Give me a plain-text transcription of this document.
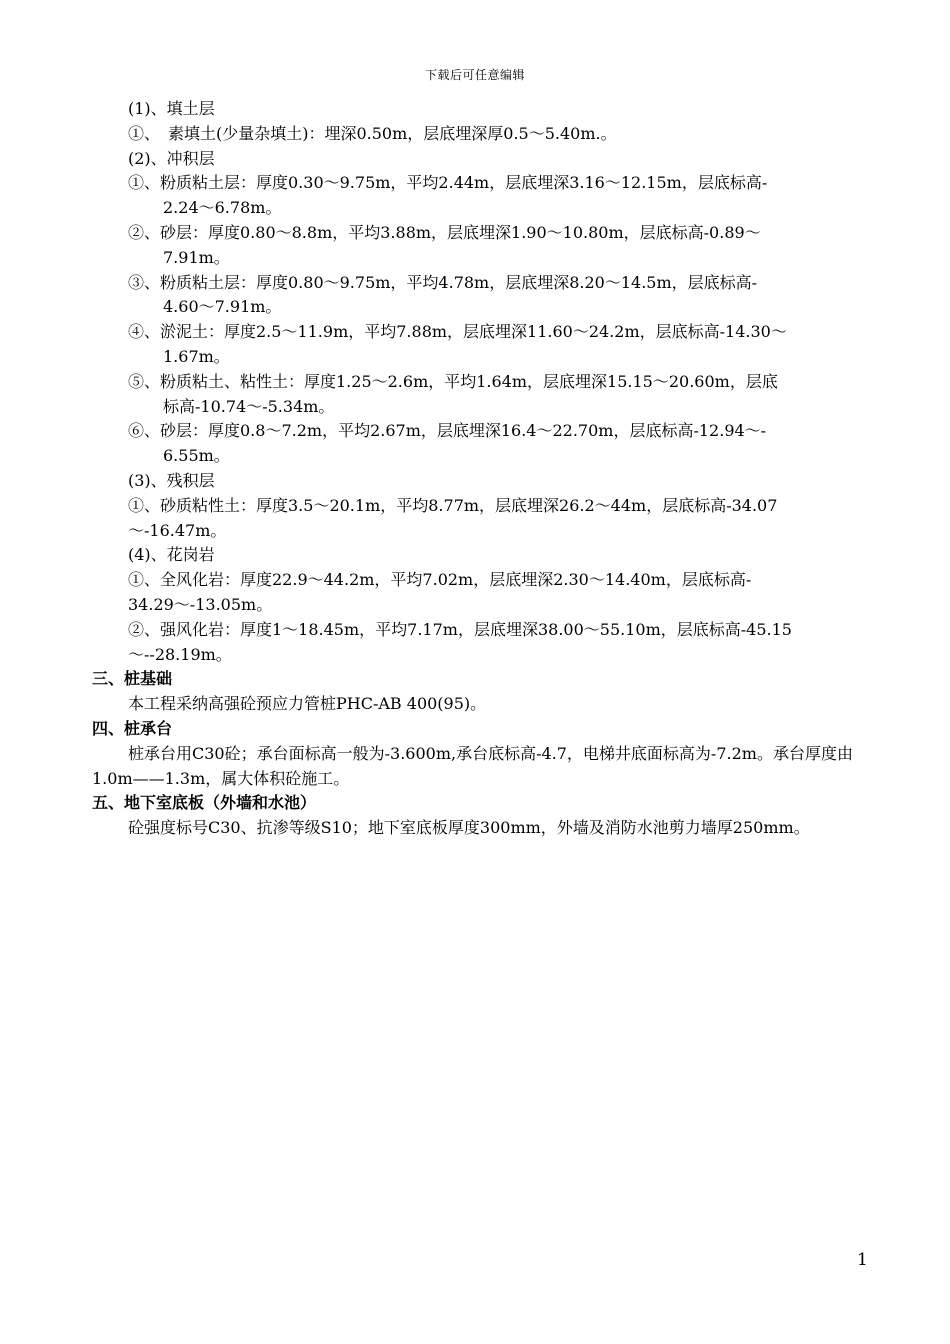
下载后可任意编辑
(1)、填土层
①、　素填土(少量杂填土)：埋深0.50m，层底埋深厚0.5～5.40m.。
(2)、冲积层
①、粉质粘土层：厚度0.30～9.75m，平均2.44m，层底埋深3.16～12.15m，层底标高-
2.24～6.78m。
②、砂层：厚度0.80～8.8m，平均3.88m，层底埋深1.90～10.80m，层底标高-0.89～
7.91m。
③、粉质粘土层：厚度0.80～9.75m，平均4.78m，层底埋深8.20～14.5m，层底标高-
4.60～7.91m。
④、淤泥土：厚度2.5～11.9m，平均7.88m，层底埋深11.60～24.2m，层底标高-14.30～
1.67m。
⑤、粉质粘土、粘性土：厚度1.25～2.6m，平均1.64m，层底埋深15.15～20.60m，层底
标高-10.74～-5.34m。
⑥、砂层：厚度0.8～7.2m，平均2.67m，层底埋深16.4～22.70m，层底标高-12.94～-
6.55m。
(3)、残积层
①、砂质粘性土：厚度3.5～20.1m，平均8.77m，层底埋深26.2～44m，层底标高-34.07
～-16.47m。
(4)、花岗岩
①、全风化岩：厚度22.9～44.2m，平均7.02m，层底埋深2.30～14.40m，层底标高-
34.29～-13.05m。
②、强风化岩：厚度1～18.45m，平均7.17m，层底埋深38.00～55.10m，层底标高-45.15
～--28.19m。
三、桩基础
本工程采纳高强砼预应力管桩PHC-AB 400(95)。
四、桩承台
桩承台用C30砼；承台面标高一般为-3.600m,承台底标高-4.7，电梯井底面标高为-7.2m。承台厚度由1.0m——1.3m，属大体积砼施工。
五、地下室底板（外墙和水池）
砼强度标号C30、抗渗等级S10；地下室底板厚度300mm，外墙及消防水池剪力墙厚250mm。
1
